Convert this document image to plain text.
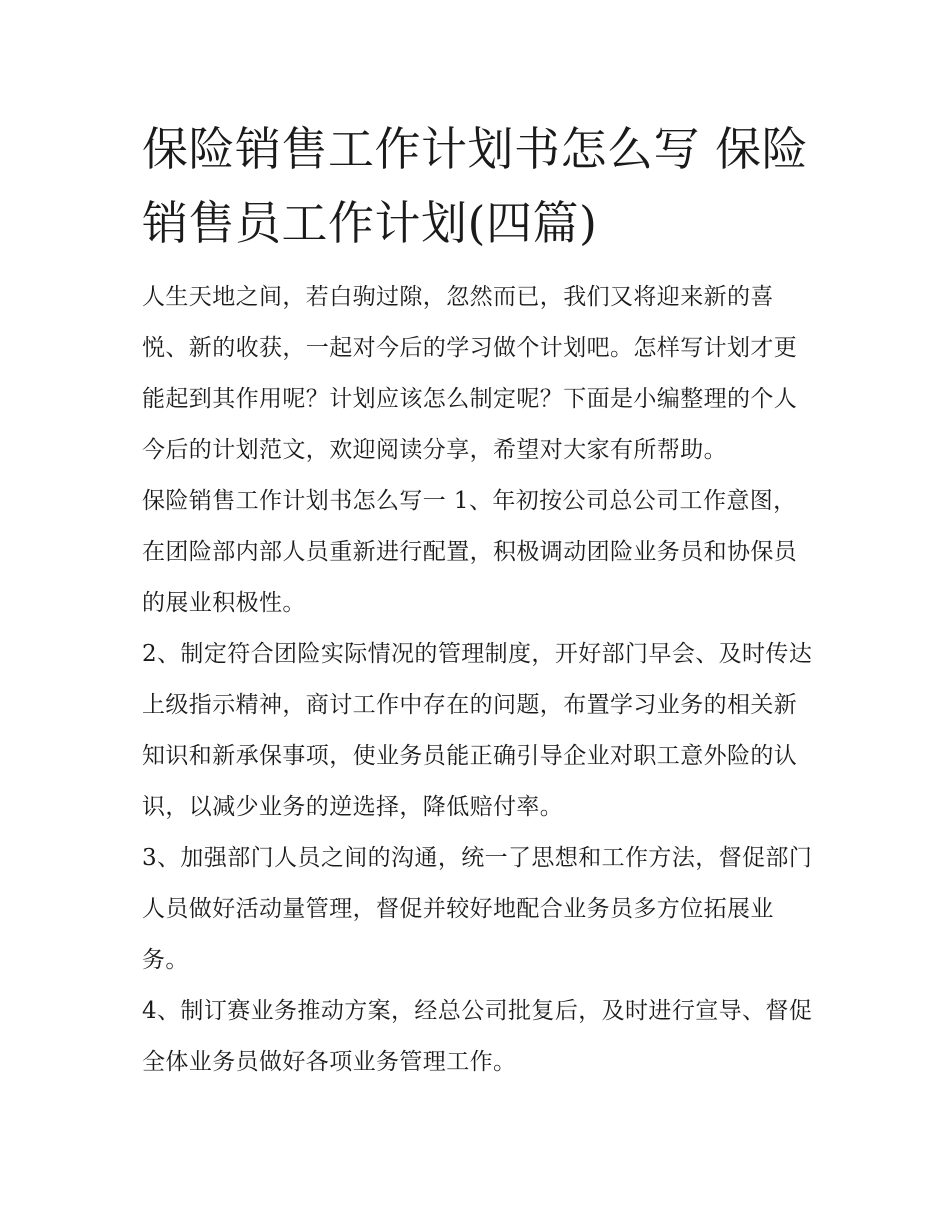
保险销售工作计划书怎么写 保险销售员工作计划(四篇)

人生天地之间，若白驹过隙，忽然而已，我们又将迎来新的喜悦、新的收获，一起对今后的学习做个计划吧。怎样写计划才更能起到其作用呢？计划应该怎么制定呢？下面是小编整理的个人今后的计划范文，欢迎阅读分享，希望对大家有所帮助。

保险销售工作计划书怎么写一 1、年初按公司总公司工作意图，在团险部内部人员重新进行配置，积极调动团险业务员和协保员的展业积极性。

2、制定符合团险实际情况的管理制度，开好部门早会、及时传达上级指示精神，商讨工作中存在的问题，布置学习业务的相关新知识和新承保事项，使业务员能正确引导企业对职工意外险的认识，以减少业务的逆选择，降低赔付率。

3、加强部门人员之间的沟通，统一了思想和工作方法，督促部门人员做好活动量管理，督促并较好地配合业务员多方位拓展业务。

4、制订赛业务推动方案，经总公司批复后，及时进行宣导、督促全体业务员做好各项业务管理工作。
